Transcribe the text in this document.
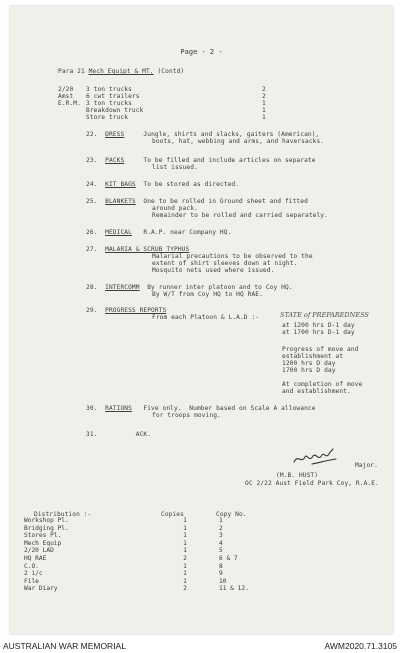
Page - 2 -
Para 21 Mech Equipt & MT. (Contd)
2/20 3 ton trucks	2
Amst 6 cwt trailers	2
E.R.M. 3 ton trucks	1
Breakdown truck	1
Store truck	1
22. DRESS	Jungle, shirts and slacks, gaiters (American),
boots, hat, webbing and arms, and haversacks.
23. PACKS	To be filled and include articles on separate
list issued.
24. KIT BAGS To be stored as directed.
25. BLANKETS One to be rolled in Ground sheet and fitted
around pack.
Remainder to be rolled and carried separately.
26. MEDICAL R.A.P. near Company HQ.
27. MALARIA & SCRUB TYPHUS
Malarial precautions to be observed to the
extent of shirt sleeves down at night.
Mosquito nets used where issued.
28. INTERCOMM By runner inter platoon and to Coy HQ.
By W/T from Coy HQ to HQ RAE.
29. PROGRESS REPORTS
From each Platoon & L.A.D :-	STATE of PREPAREDNESS
at 1200 hrs D-1 day
at 1700 hrs D-1 day
Progress of move and
establishment at
1200 hrs D day
1700 hrs D day
At completion of move
and establishment.
30. RATIONS Five only.  Number based on Scale A allowance
for troops moving.
31.	ACK.
Major.
(M.B. HUST)
OC 2/22 Aust Field Park Coy, R.A.E.
Distribution :-	Copies	Copy No.
Workshop Pl.	1	1
Bridging Pl.	1	2
Stores Pl.	1	3
Mech Equip	1	4
2/20 LAD	1	5
HQ RAE	2	6 & 7
C.O.	1	8
2 i/c	1	9
File	1	10
War Diary	2	11 & 12.
AUSTRALIAN WAR MEMORIAL	AWM2020.71.3105
